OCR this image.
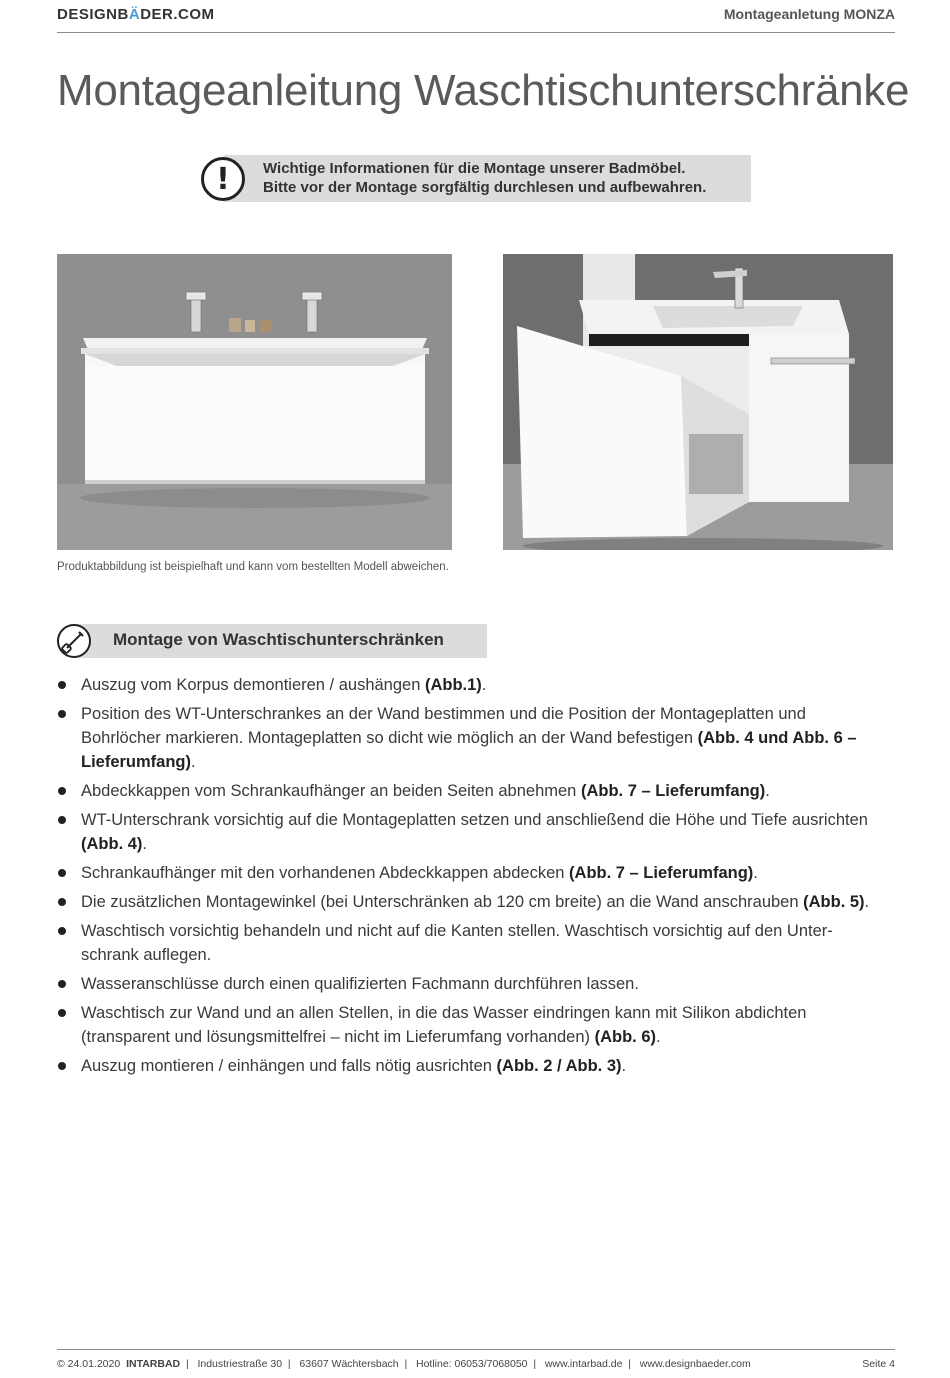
DESIGNBÄDER.COM	Montageanletung MONZA
Montageanleitung Waschtischunterschränke
!	Wichtige Informationen für die Montage unserer Badmöbel.
Bitte vor der Montage sorgfältig durchlesen und aufbewahren.
Produktabbildung ist beispielhaft und kann vom bestellten Modell abweichen.
Montage von Waschtischunterschränken
Auszug vom Korpus demontieren / aushängen (Abb.1).
Position des WT-Unterschrankes an der Wand bestimmen und die Position der Montageplatten und Bohrlöcher markieren. Montageplatten so dicht wie möglich an der Wand befestigen (Abb. 4 und Abb. 6 – Lieferumfang).
Abdeckkappen vom Schrankaufhänger an beiden Seiten abnehmen (Abb. 7 – Lieferumfang).
WT-Unterschrank vorsichtig auf die Montageplatten setzen und anschließend die Höhe und Tiefe ausrichten (Abb. 4).
Schrankaufhänger mit den vorhandenen Abdeckkappen abdecken (Abb. 7 – Lieferumfang).
Die zusätzlichen Montagewinkel (bei Unterschränken ab 120 cm breite) an die Wand anschrauben (Abb. 5).
Waschtisch vorsichtig behandeln und nicht auf die Kanten stellen. Waschtisch vorsichtig auf den Unter-schrank auflegen.
Wasseranschlüsse durch einen qualifizierten Fachmann durchführen lassen.
Waschtisch zur Wand und an allen Stellen, in die das Wasser eindringen kann mit Silikon abdichten (transparent und lösungsmittelfrei – nicht im Lieferumfang vorhanden) (Abb. 6).
Auszug montieren / einhängen und falls nötig ausrichten (Abb. 2 / Abb. 3).
© 24.01.2020 INTARBAD  |   Industriestraße 30  |   63607 Wächtersbach  |   Hotline: 06053/7068050  |   www.intarbad.de  |   www.designbaeder.com	Seite 4
